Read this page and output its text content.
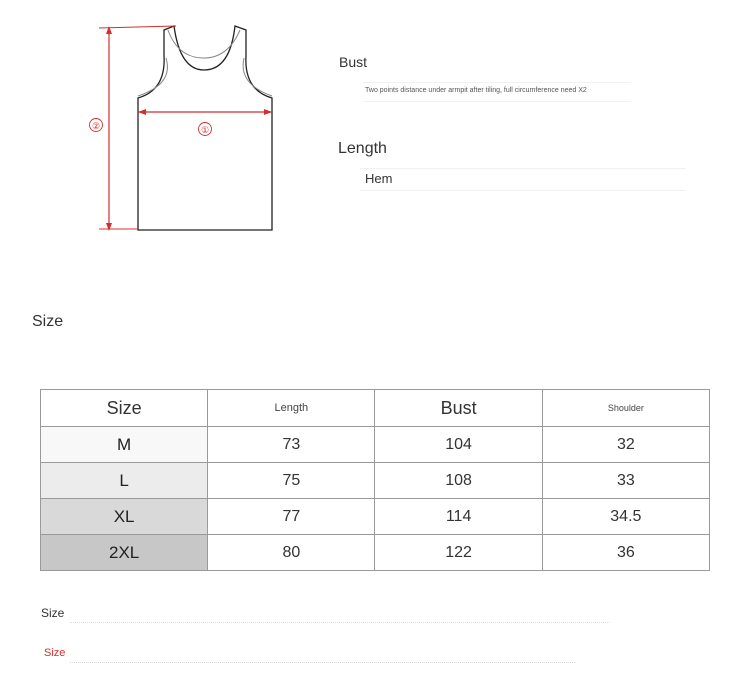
②	①
Bust
Two points distance under armpit after tiling, full circumference need X2
Length
Hem
Size
Size	Length	Bust	Shoulder
M	73	104	32
L	75	108	33
XL	77	114	34.5
2XL	80	122	36
Size
Size
